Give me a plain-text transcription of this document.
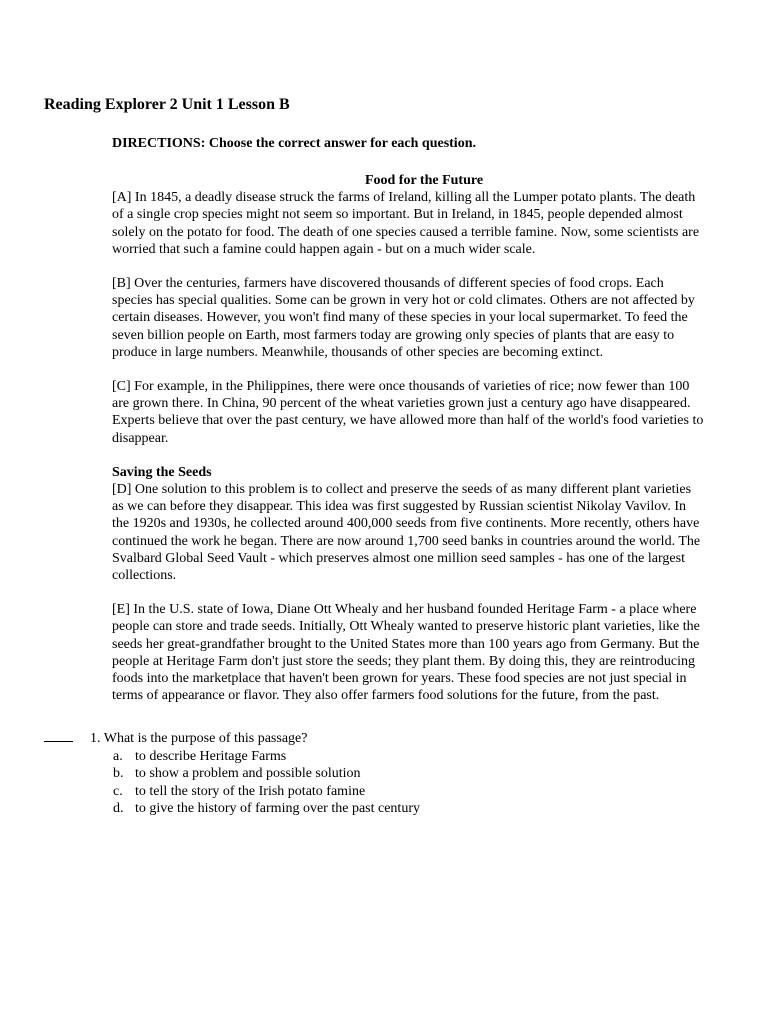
Reading Explorer 2 Unit 1 Lesson B
DIRECTIONS: Choose the correct answer for each question.
Food for the Future

[A] In 1845, a deadly disease struck the farms of Ireland, killing all the Lumper potato plants. The death of a single crop species might not seem so important. But in Ireland, in 1845, people depended almost solely on the potato for food. The death of one species caused a terrible famine. Now, some scientists are worried that such a famine could happen again - but on a much wider scale.

[B] Over the centuries, farmers have discovered thousands of different species of food crops. Each species has special qualities. Some can be grown in very hot or cold climates. Others are not affected by certain diseases. However, you won't find many of these species in your local supermarket. To feed the seven billion people on Earth, most farmers today are growing only species of plants that are easy to produce in large numbers. Meanwhile, thousands of other species are becoming extinct.

[C] For example, in the Philippines, there were once thousands of varieties of rice; now fewer than 100 are grown there. In China, 90 percent of the wheat varieties grown just a century ago have disappeared. Experts believe that over the past century, we have allowed more than half of the world's food varieties to disappear.

Saving the Seeds

[D] One solution to this problem is to collect and preserve the seeds of as many different plant varieties as we can before they disappear. This idea was first suggested by Russian scientist Nikolay Vavilov. In the 1920s and 1930s, he collected around 400,000 seeds from five continents. More recently, others have continued the work he began. There are now around 1,700 seed banks in countries around the world. The Svalbard Global Seed Vault - which preserves almost one million seed samples - has one of the largest collections.

[E] In the U.S. state of Iowa, Diane Ott Whealy and her husband founded Heritage Farm - a place where people can store and trade seeds. Initially, Ott Whealy wanted to preserve historic plant varieties, like the seeds her great-grandfather brought to the United States more than 100 years ago from Germany. But the people at Heritage Farm don't just store the seeds; they plant them. By doing this, they are reintroducing foods into the marketplace that haven't been grown for years. These food species are not just special in terms of appearance or flavor. They also offer farmers food solutions for the future, from the past.

1. What is the purpose of this passage?
a. to describe Heritage Farms
b. to show a problem and possible solution
c. to tell the story of the Irish potato famine
d. to give the history of farming over the past century
